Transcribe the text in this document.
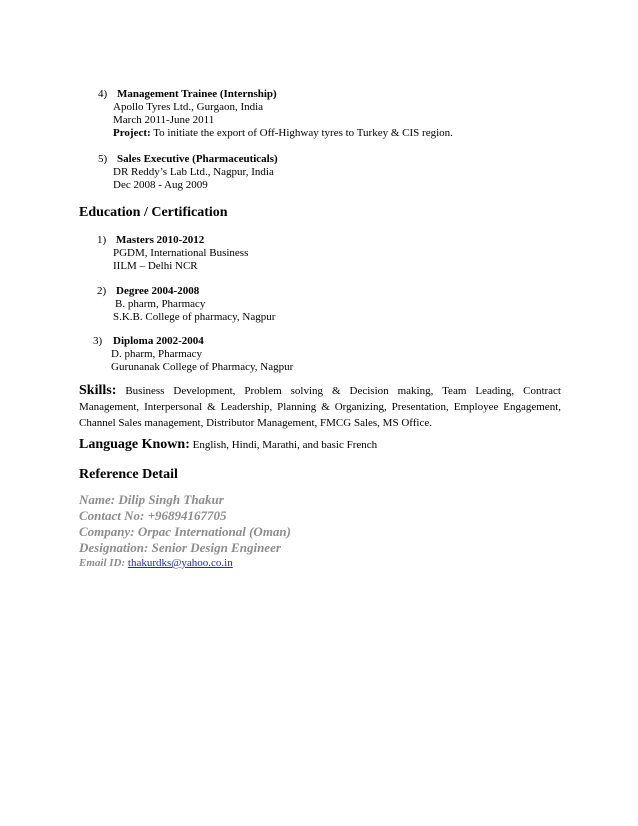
4) Management Trainee (Internship)
Apollo Tyres Ltd., Gurgaon, India
March 2011-June 2011
Project: To initiate the export of Off-Highway tyres to Turkey & CIS region.
5) Sales Executive (Pharmaceuticals)
DR Reddy’s Lab Ltd., Nagpur, India
Dec 2008 - Aug 2009
Education / Certification
1) Masters 2010-2012
PGDM, International Business
IILM – Delhi NCR
2) Degree 2004-2008
B. pharm, Pharmacy
S.K.B. College of pharmacy, Nagpur
3) Diploma 2002-2004
D. pharm, Pharmacy
Gurunanak College of Pharmacy, Nagpur
Skills: Business Development, Problem solving & Decision making, Team Leading, Contract Management, Interpersonal & Leadership, Planning & Organizing, Presentation, Employee Engagement, Channel Sales management, Distributor Management, FMCG Sales, MS Office.
Language Known: English, Hindi, Marathi, and basic French
Reference Detail
Name: Dilip Singh Thakur
Contact No: +96894167705
Company: Orpac International (Oman)
Designation: Senior Design Engineer
Email ID: thakurdks@yahoo.co.in
